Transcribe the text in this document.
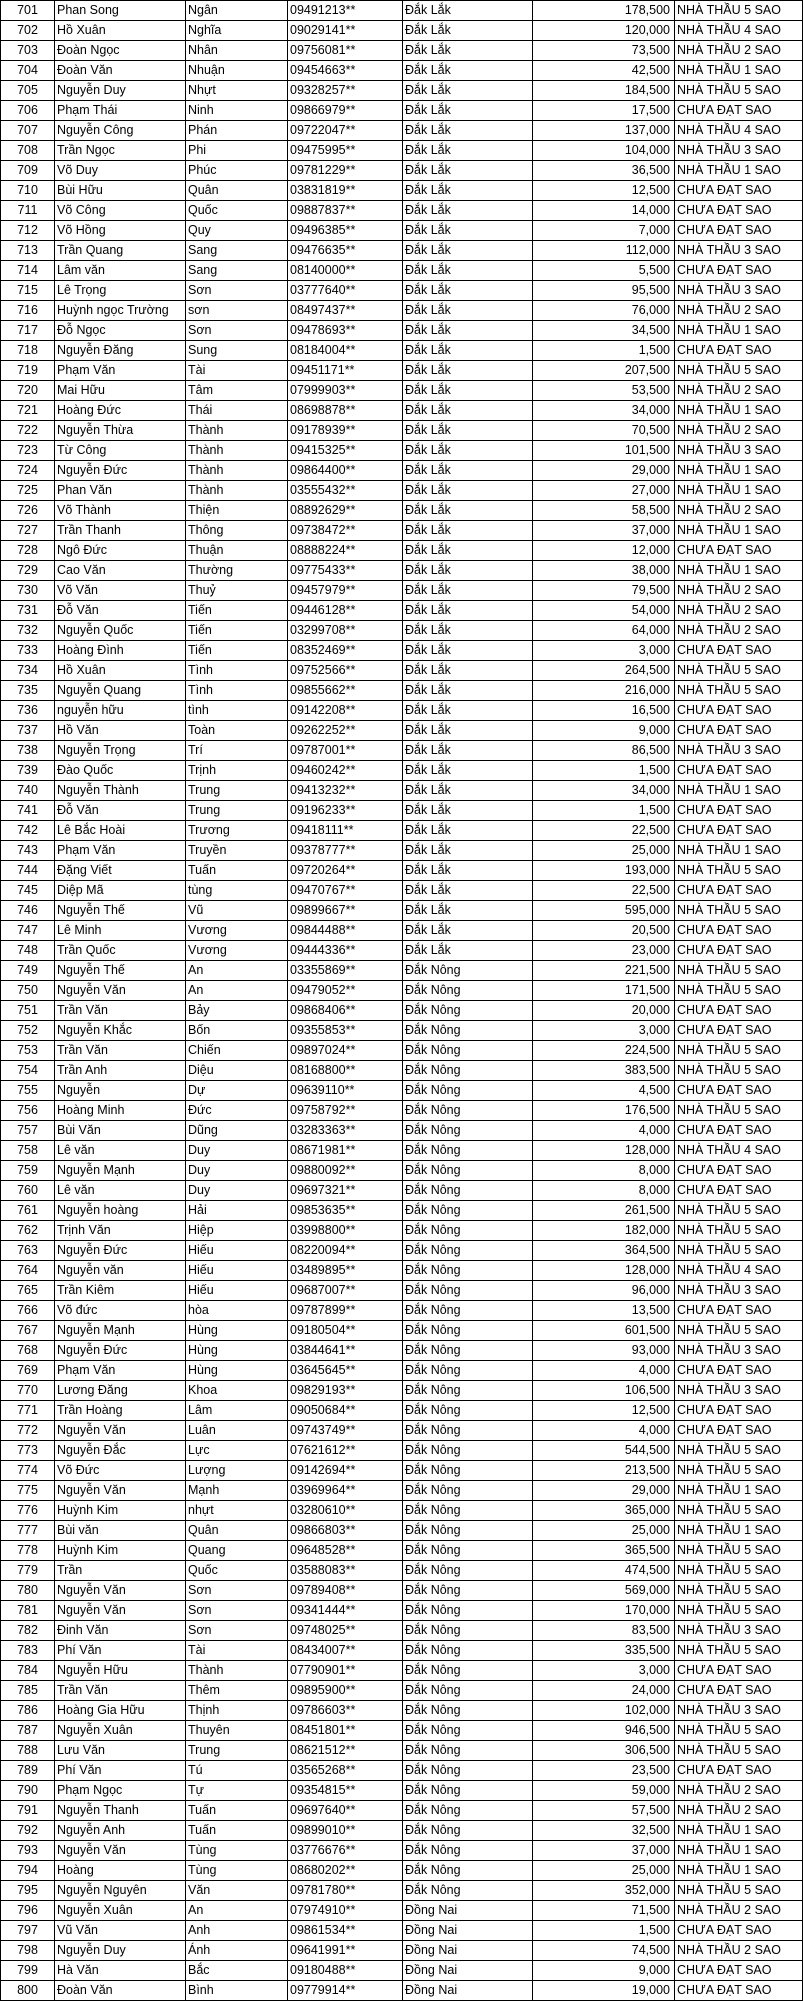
701	Phan Song	Ngân	09491213**	Đắk Lắk	178,500	NHÀ THẦU 5 SAO
702	Hồ Xuân	Nghĩa	09029141**	Đắk Lắk	120,000	NHÀ THẦU 4 SAO
703	Đoàn Ngọc	Nhân	09756081**	Đắk Lắk	73,500	NHÀ THẦU 2 SAO
704	Đoàn Văn	Nhuận	09454663**	Đắk Lắk	42,500	NHÀ THẦU 1 SAO
705	Nguyễn Duy	Nhựt	09328257**	Đắk Lắk	184,500	NHÀ THẦU 5 SAO
706	Phạm Thái	Ninh	09866979**	Đắk Lắk	17,500	CHƯA ĐẠT SAO
707	Nguyễn Công	Phán	09722047**	Đắk Lắk	137,000	NHÀ THẦU 4 SAO
708	Trần Ngọc	Phi	09475995**	Đắk Lắk	104,000	NHÀ THẦU 3 SAO
709	Võ Duy	Phúc	09781229**	Đắk Lắk	36,500	NHÀ THẦU 1 SAO
710	Bùi Hữu	Quân	03831819**	Đắk Lắk	12,500	CHƯA ĐẠT SAO
711	Võ Công	Quốc	09887837**	Đắk Lắk	14,000	CHƯA ĐẠT SAO
712	Võ Hồng	Quy	09496385**	Đắk Lắk	7,000	CHƯA ĐẠT SAO
713	Trần Quang	Sang	09476635**	Đắk Lắk	112,000	NHÀ THẦU 3 SAO
714	Lâm văn	Sang	08140000**	Đắk Lắk	5,500	CHƯA ĐẠT SAO
715	Lê Trọng	Sơn	03777640**	Đắk Lắk	95,500	NHÀ THẦU 3 SAO
716	Huỳnh ngọc Trường	sơn	08497437**	Đắk Lắk	76,000	NHÀ THẦU 2 SAO
717	Đỗ Ngọc	Sơn	09478693**	Đắk Lắk	34,500	NHÀ THẦU 1 SAO
718	Nguyễn Đăng	Sung	08184004**	Đắk Lắk	1,500	CHƯA ĐẠT SAO
719	Phạm Văn	Tài	09451171**	Đắk Lắk	207,500	NHÀ THẦU 5 SAO
720	Mai Hữu	Tâm	07999903**	Đắk Lắk	53,500	NHÀ THẦU 2 SAO
721	Hoàng Đức	Thái	08698878**	Đắk Lắk	34,000	NHÀ THẦU 1 SAO
722	Nguyễn Thừa	Thành	09178939**	Đắk Lắk	70,500	NHÀ THẦU 2 SAO
723	Từ Công	Thành	09415325**	Đắk Lắk	101,500	NHÀ THẦU 3 SAO
724	Nguyễn Đức	Thành	09864400**	Đắk Lắk	29,000	NHÀ THẦU 1 SAO
725	Phan Văn	Thành	03555432**	Đắk Lắk	27,000	NHÀ THẦU 1 SAO
726	Võ Thành	Thiện	08892629**	Đắk Lắk	58,500	NHÀ THẦU 2 SAO
727	Trần Thanh	Thông	09738472**	Đắk Lắk	37,000	NHÀ THẦU 1 SAO
728	Ngô Đức	Thuận	08888224**	Đắk Lắk	12,000	CHƯA ĐẠT SAO
729	Cao Văn	Thường	09775433**	Đắk Lắk	38,000	NHÀ THẦU 1 SAO
730	Võ Văn	Thuỷ	09457979**	Đắk Lắk	79,500	NHÀ THẦU 2 SAO
731	Đỗ Văn	Tiến	09446128**	Đắk Lắk	54,000	NHÀ THẦU 2 SAO
732	Nguyễn Quốc	Tiến	03299708**	Đắk Lắk	64,000	NHÀ THẦU 2 SAO
733	Hoàng Đình	Tiến	08352469**	Đắk Lắk	3,000	CHƯA ĐẠT SAO
734	Hồ Xuân	Tình	09752566**	Đắk Lắk	264,500	NHÀ THẦU 5 SAO
735	Nguyễn Quang	Tình	09855662**	Đắk Lắk	216,000	NHÀ THẦU 5 SAO
736	nguyễn hữu	tình	09142208**	Đắk Lắk	16,500	CHƯA ĐẠT SAO
737	Hồ Văn	Toàn	09262252**	Đắk Lắk	9,000	CHƯA ĐẠT SAO
738	Nguyễn Trọng	Trí	09787001**	Đắk Lắk	86,500	NHÀ THẦU 3 SAO
739	Đào Quốc	Trịnh	09460242**	Đắk Lắk	1,500	CHƯA ĐẠT SAO
740	Nguyễn Thành	Trung	09413232**	Đắk Lắk	34,000	NHÀ THẦU 1 SAO
741	Đỗ Văn	Trung	09196233**	Đắk Lắk	1,500	CHƯA ĐẠT SAO
742	Lê Bắc Hoài	Trương	09418111**	Đắk Lắk	22,500	CHƯA ĐẠT SAO
743	Phạm Văn	Truyền	09378777**	Đắk Lắk	25,000	NHÀ THẦU 1 SAO
744	Đặng Viết	Tuấn	09720264**	Đắk Lắk	193,000	NHÀ THẦU 5 SAO
745	Diệp Mã	tùng	09470767**	Đắk Lắk	22,500	CHƯA ĐẠT SAO
746	Nguyễn Thế	Vũ	09899667**	Đắk Lắk	595,000	NHÀ THẦU 5 SAO
747	Lê Minh	Vương	09844488**	Đắk Lắk	20,500	CHƯA ĐẠT SAO
748	Trần Quốc	Vương	09444336**	Đắk Lắk	23,000	CHƯA ĐẠT SAO
749	Nguyễn Thế	An	03355869**	Đắk Nông	221,500	NHÀ THẦU 5 SAO
750	Nguyễn Văn	An	09479052**	Đắk Nông	171,500	NHÀ THẦU 5 SAO
751	Trần Văn	Bảy	09868406**	Đắk Nông	20,000	CHƯA ĐẠT SAO
752	Nguyễn Khắc	Bốn	09355853**	Đắk Nông	3,000	CHƯA ĐẠT SAO
753	Trần Văn	Chiến	09897024**	Đắk Nông	224,500	NHÀ THẦU 5 SAO
754	Trần Anh	Diệu	08168800**	Đắk Nông	383,500	NHÀ THẦU 5 SAO
755	Nguyễn	Dự	09639110**	Đắk Nông	4,500	CHƯA ĐẠT SAO
756	Hoàng Minh	Đức	09758792**	Đắk Nông	176,500	NHÀ THẦU 5 SAO
757	Bùi Văn	Dũng	03283363**	Đắk Nông	4,000	CHƯA ĐẠT SAO
758	Lê văn	Duy	08671981**	Đắk Nông	128,000	NHÀ THẦU 4 SAO
759	Nguyễn Mạnh	Duy	09880092**	Đắk Nông	8,000	CHƯA ĐẠT SAO
760	Lê văn	Duy	09697321**	Đắk Nông	8,000	CHƯA ĐẠT SAO
761	Nguyễn hoàng	Hải	09853635**	Đắk Nông	261,500	NHÀ THẦU 5 SAO
762	Trịnh Văn	Hiệp	03998800**	Đắk Nông	182,000	NHÀ THẦU 5 SAO
763	Nguyễn Đức	Hiếu	08220094**	Đắk Nông	364,500	NHÀ THẦU 5 SAO
764	Nguyễn văn	Hiếu	03489895**	Đắk Nông	128,000	NHÀ THẦU 4 SAO
765	Trần Kiêm	Hiếu	09687007**	Đắk Nông	96,000	NHÀ THẦU 3 SAO
766	Võ đức	hòa	09787899**	Đắk Nông	13,500	CHƯA ĐẠT SAO
767	Nguyễn Mạnh	Hùng	09180504**	Đắk Nông	601,500	NHÀ THẦU 5 SAO
768	Nguyễn Đức	Hùng	03844641**	Đắk Nông	93,000	NHÀ THẦU 3 SAO
769	Phạm Văn	Hùng	03645645**	Đắk Nông	4,000	CHƯA ĐẠT SAO
770	Lương Đăng	Khoa	09829193**	Đắk Nông	106,500	NHÀ THẦU 3 SAO
771	Trần Hoàng	Lâm	09050684**	Đắk Nông	12,500	CHƯA ĐẠT SAO
772	Nguyễn Văn	Luân	09743749**	Đắk Nông	4,000	CHƯA ĐẠT SAO
773	Nguyễn Đắc	Lực	07621612**	Đắk Nông	544,500	NHÀ THẦU 5 SAO
774	Võ Đức	Lượng	09142694**	Đắk Nông	213,500	NHÀ THẦU 5 SAO
775	Nguyễn Văn	Mạnh	03969964**	Đắk Nông	29,000	NHÀ THẦU 1 SAO
776	Huỳnh Kim	nhựt	03280610**	Đắk Nông	365,000	NHÀ THẦU 5 SAO
777	Bùi văn	Quân	09866803**	Đắk Nông	25,000	NHÀ THẦU 1 SAO
778	Huỳnh Kim	Quang	09648528**	Đắk Nông	365,500	NHÀ THẦU 5 SAO
779	Trần	Quốc	03588083**	Đắk Nông	474,500	NHÀ THẦU 5 SAO
780	Nguyễn Văn	Sơn	09789408**	Đắk Nông	569,000	NHÀ THẦU 5 SAO
781	Nguyễn Văn	Sơn	09341444**	Đắk Nông	170,000	NHÀ THẦU 5 SAO
782	Đinh Văn	Sơn	09748025**	Đắk Nông	83,500	NHÀ THẦU 3 SAO
783	Phí Văn	Tài	08434007**	Đắk Nông	335,500	NHÀ THẦU 5 SAO
784	Nguyễn Hữu	Thành	07790901**	Đắk Nông	3,000	CHƯA ĐẠT SAO
785	Trần Văn	Thêm	09895900**	Đắk Nông	24,000	CHƯA ĐẠT SAO
786	Hoàng Gia Hữu	Thịnh	09786603**	Đắk Nông	102,000	NHÀ THẦU 3 SAO
787	Nguyễn Xuân	Thuyên	08451801**	Đắk Nông	946,500	NHÀ THẦU 5 SAO
788	Lưu Văn	Trung	08621512**	Đắk Nông	306,500	NHÀ THẦU 5 SAO
789	Phí Văn	Tú	03565268**	Đắk Nông	23,500	CHƯA ĐẠT SAO
790	Phạm Ngọc	Tự	09354815**	Đắk Nông	59,000	NHÀ THẦU 2 SAO
791	Nguyễn Thanh	Tuấn	09697640**	Đắk Nông	57,500	NHÀ THẦU 2 SAO
792	Nguyễn Anh	Tuấn	09899010**	Đắk Nông	32,500	NHÀ THẦU 1 SAO
793	Nguyễn Văn	Tùng	03776676**	Đắk Nông	37,000	NHÀ THẦU 1 SAO
794	Hoàng	Tùng	08680202**	Đắk Nông	25,000	NHÀ THẦU 1 SAO
795	Nguyễn Nguyên	Văn	09781780**	Đắk Nông	352,000	NHÀ THẦU 5 SAO
796	Nguyễn Xuân	An	07974910**	Đồng Nai	71,500	NHÀ THẦU 2 SAO
797	Vũ Văn	Anh	09861534**	Đồng Nai	1,500	CHƯA ĐẠT SAO
798	Nguyễn Duy	Ánh	09641991**	Đồng Nai	74,500	NHÀ THẦU 2 SAO
799	Hà Văn	Bắc	09180488**	Đồng Nai	9,000	CHƯA ĐẠT SAO
800	Đoàn Văn	Bình	09779914**	Đồng Nai	19,000	CHƯA ĐẠT SAO
